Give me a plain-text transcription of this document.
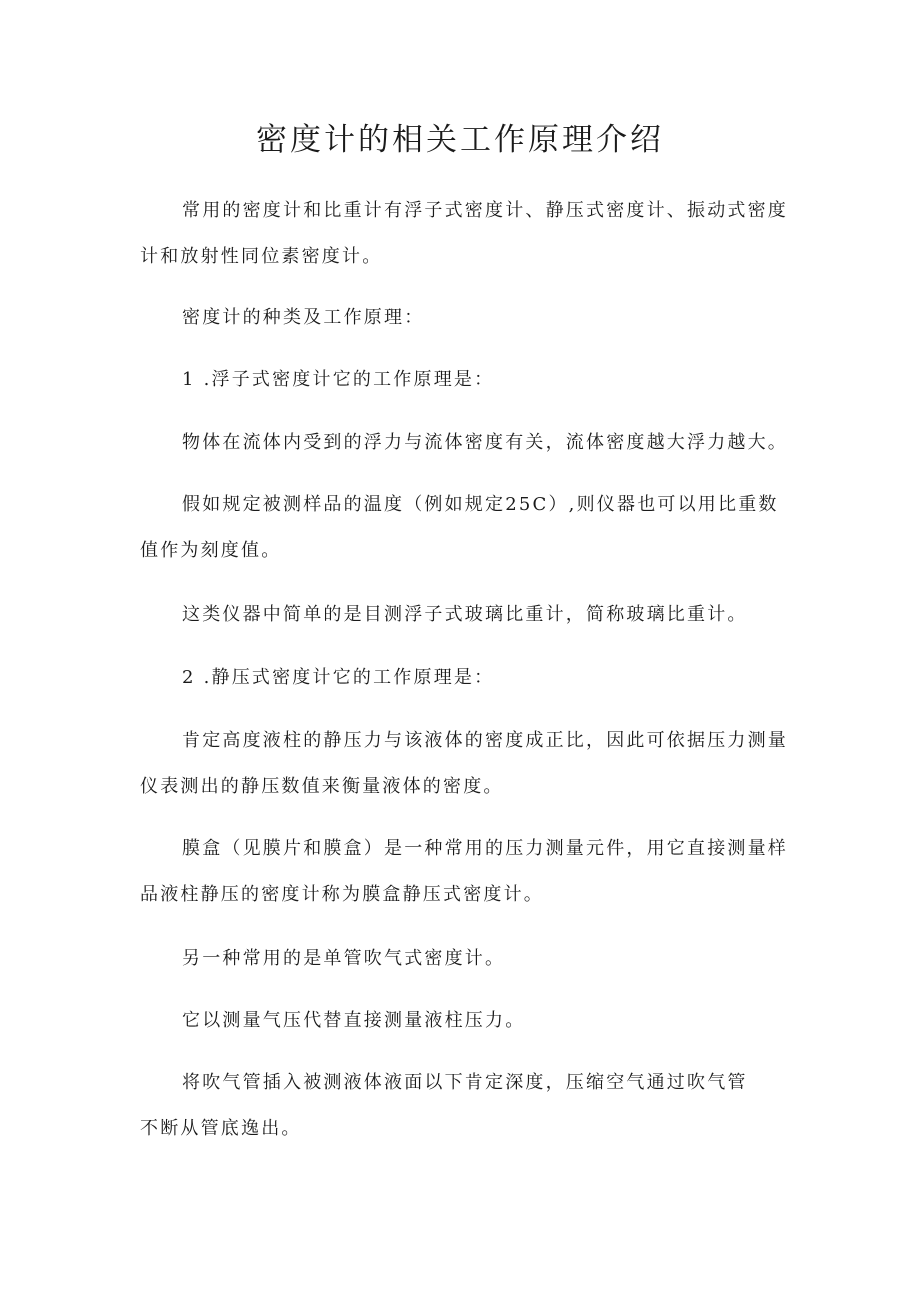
密度计的相关工作原理介绍

常用的密度计和比重计有浮子式密度计、静压式密度计、振动式密度计和放射性同位素密度计。

密度计的种类及工作原理：

1 .浮子式密度计它的工作原理是：

物体在流体内受到的浮力与流体密度有关，流体密度越大浮力越大。

假如规定被测样品的温度（例如规定25C）,则仪器也可以用比重数值作为刻度值。

这类仪器中简单的是目测浮子式玻璃比重计，简称玻璃比重计。

2 .静压式密度计它的工作原理是：

肯定高度液柱的静压力与该液体的密度成正比，因此可依据压力测量仪表测出的静压数值来衡量液体的密度。

膜盒（见膜片和膜盒）是一种常用的压力测量元件，用它直接测量样品液柱静压的密度计称为膜盒静压式密度计。

另一种常用的是单管吹气式密度计。

它以测量气压代替直接测量液柱压力。

将吹气管插入被测液体液面以下肯定深度，压缩空气通过吹气管不断从管底逸出。
